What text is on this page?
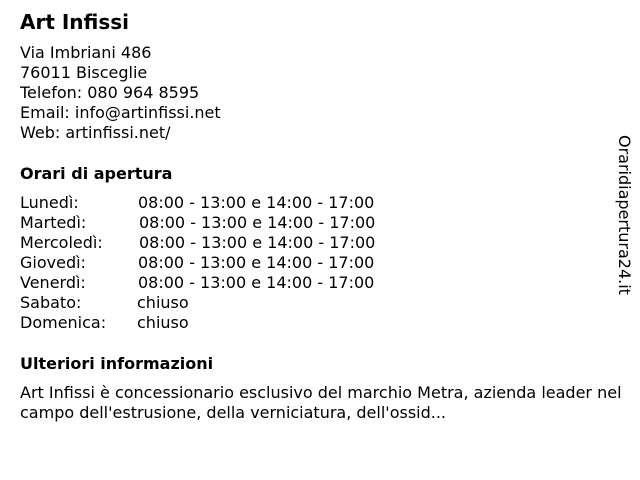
Art Infissi
Via Imbriani 486
76011 Bisceglie
Telefon: 080 964 8595
Email: info@artinfissi.net
Web: artinfissi.net/
Orari di apertura
Lunedì:	08:00 - 13:00 e 14:00 - 17:00
Martedì:	08:00 - 13:00 e 14:00 - 17:00
Mercoledì: 08:00 - 13:00 e 14:00 - 17:00
Giovedì:	08:00 - 13:00 e 14:00 - 17:00
Venerdì:	08:00 - 13:00 e 14:00 - 17:00
Sabato:	chiuso
Domenica: chiuso
Ulteriori informazioni
Art Infissi è concessionario esclusivo del marchio Metra, azienda leader nel campo dell'estrusione, della verniciatura, dell'ossid...
Oraridiapertura24.it
